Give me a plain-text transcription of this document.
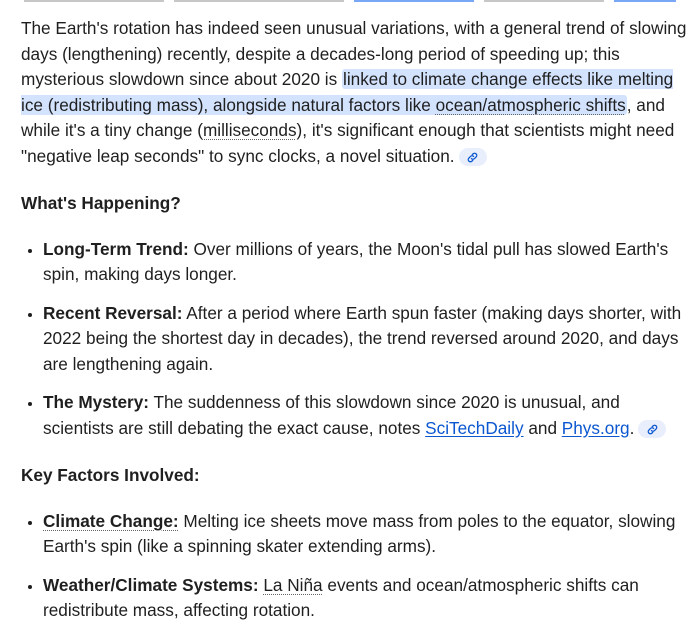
The Earth's rotation has indeed seen unusual variations, with a general trend of slowing days (lengthening) recently, despite a decades-long period of speeding up; this mysterious slowdown since about 2020 is linked to climate change effects like melting ice (redistributing mass), alongside natural factors like ocean/atmospheric shifts, and while it's a tiny change (milliseconds), it's significant enough that scientists might need "negative leap seconds" to sync clocks, a novel situation.

What's Happening?
• Long-Term Trend: Over millions of years, the Moon's tidal pull has slowed Earth's spin, making days longer.
• Recent Reversal: After a period where Earth spun faster (making days shorter, with 2022 being the shortest day in decades), the trend reversed around 2020, and days are lengthening again.
• The Mystery: The suddenness of this slowdown since 2020 is unusual, and scientists are still debating the exact cause, notes SciTechDaily and Phys.org.
Key Factors Involved:
• Climate Change: Melting ice sheets move mass from poles to the equator, slowing Earth's spin (like a spinning skater extending arms).
• Weather/Climate Systems: La Niña events and ocean/atmospheric shifts can redistribute mass, affecting rotation.
